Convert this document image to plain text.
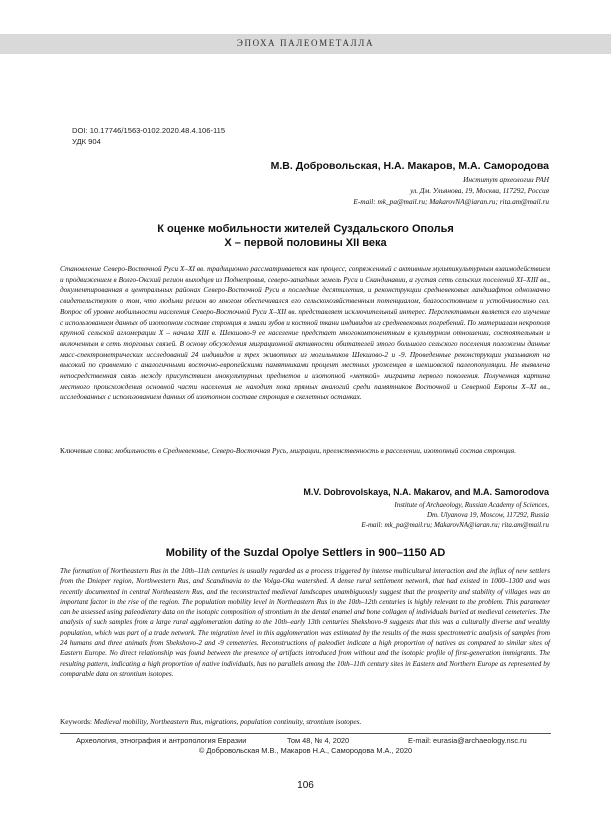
ЭПОХА ПАЛЕОМЕТАЛЛА
DOI: 10.17746/1563-0102.2020.48.4.106-115
УДК 904
М.В. Добровольская, Н.А. Макаров, М.А. Самородова
Институт археологии РАН
ул. Дм. Ульянова, 19, Москва, 117292, Россия
E-mail: mk_pa@mail.ru; MakarovNA@iaran.ru; rita.am@mail.ru
К оценке мобильности жителей Суздальского Ополья
X – первой половины XII века
Становление Северо-Восточной Руси X–XI вв. традиционно рассматривается как процесс, сопряженный с активным мультикультурным взаимодействием и продвижением в Волго-Окский регион выходцев из Поднепровья, северо-западных земель Руси и Скандинавии, а густая сеть сельских поселений XI–XIII вв., документированная в центральных районах Северо-Восточной Руси в последние десятилетия, и реконструкции средневековых ландшафтов однозначно свидетельствуют о том, что людьми регион во многом обеспечивался его сельскохозяйственным потенциалом, благосостоянием и устойчивостью сел. Вопрос об уровне мобильности населения Северо-Восточной Руси X–XII вв. представляет исключительный интерес. Перспективным является его изучение с использованием данных об изотопном составе стронция в эмали зубов и костной ткани индивидов из средневековых погребений. По материалам некрополя крупной сельской агломерации X – начала XIII в. Шекшово-9 ее население предстает многокомпонентным в культурном отношении, состоятельным и включенным в сеть торговых связей. В основу обсуждения миграционной активности обитателей этого большого сельского поселения положены данные масс-спектрометрических исследований 24 индивидов и трех животных из могильников Шекшово-2 и -9. Проведенные реконструкции указывают на высокий по сравнению с аналогичными восточно-европейскими памятниками процент местных уроженцев в шекшовской палеопопуляции. Не выявлена непосредственная связь между присутствием инокультурных предметов и изотопной «меткой» мигранта первого поколения. Полученная картина местного происхождения основной части населения не находит пока прямых аналогий среди памятников Восточной и Северной Европы X–XI вв., исследованных с использованием данных об изотопном составе стронция в скелетных останках.
Ключевые слова: мобильность в Средневековье, Северо-Восточная Русь, миграции, преемственность в расселении, изотопный состав стронция.
M.V. Dobrovolskaya, N.A. Makarov, and M.A. Samorodova
Institute of Archaeology, Russian Academy of Sciences,
Dm. Ulyanova 19, Moscow, 117292, Russia
E-mail: mk_pa@mail.ru; MakarovNA@iaran.ru; rita.am@mail.ru
Mobility of the Suzdal Opolye Settlers in 900–1150 AD
The formation of Northeastern Rus in the 10th–11th centuries is usually regarded as a process triggered by intense multicultural interaction and the influx of new settlers from the Dnieper region, Northwestern Rus, and Scandinavia to the Volga-Oka watershed. A dense rural settlement network, that had existed in 1000–1300 and was recently documented in central Northeastern Rus, and the reconstructed medieval landscapes unambiguously suggest that the prosperity and stability of villages was an important factor in the rise of the region. The population mobility level in Northeastern Rus in the 10th–12th centuries is highly relevant to the problem. This parameter can be assessed using paleodietary data on the isotopic composition of strontium in the dental enamel and bone collagen of individuals buried at medieval cemeteries. The analysis of such samples from a large rural agglomeration dating to the 10th–early 13th centuries Shekshovo-9 suggests that this was a culturally diverse and wealthy population, which was part of a trade network. The migration level in this agglomeration was estimated by the results of the mass spectrometric analysis of samples from 24 humans and three animals from Shekshovo-2 and -9 cemeteries. Reconstructions of paleodiet indicate a high proportion of natives as compared to similar sites of Eastern Europe. No direct relationship was found between the presence of artifacts introduced from without and the isotopic profile of first-generation immigrants. The resulting pattern, indicating a high proportion of native individuals, has no parallels among the 10th–11th century sites in Eastern and Northern Europe as represented by comparable data on strontium isotopes.
Keywords: Medieval mobility, Northeastern Rus, migrations, population continuity, strontium isotopes.
Археология, этнография и антропология Евразии	Том 48, № 4, 2020	E-mail: eurasia@archaeology.nsc.ru
© Добровольская М.В., Макаров Н.А., Самородова М.А., 2020
106
